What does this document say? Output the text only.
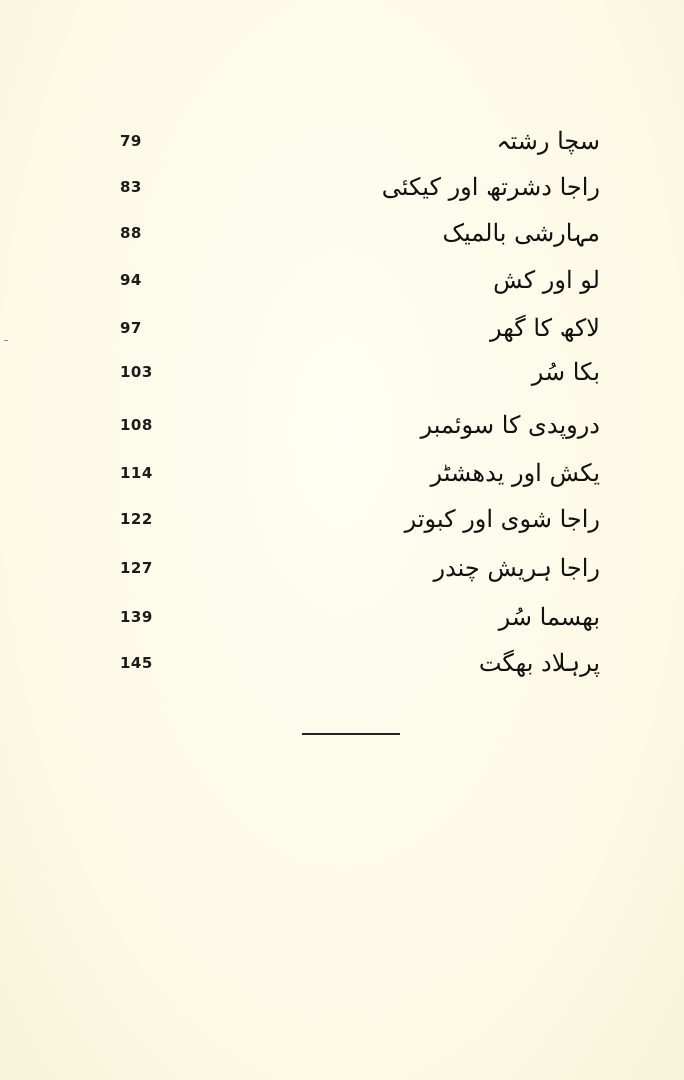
79	سچا رشتہ
83	راجا دشرتھ اور کیکئی
88	مہارشی بالمیک
94	لو اور کش
97	لاکھ کا گھر
103	بکا سُر
108	دروپدی کا سوئمبر
114	یکش اور یدھشٹر
122	راجا شوی اور کبوتر
127	راجا ہریش چندر
139	بھسما سُر
145	پرہلاد بھگت
